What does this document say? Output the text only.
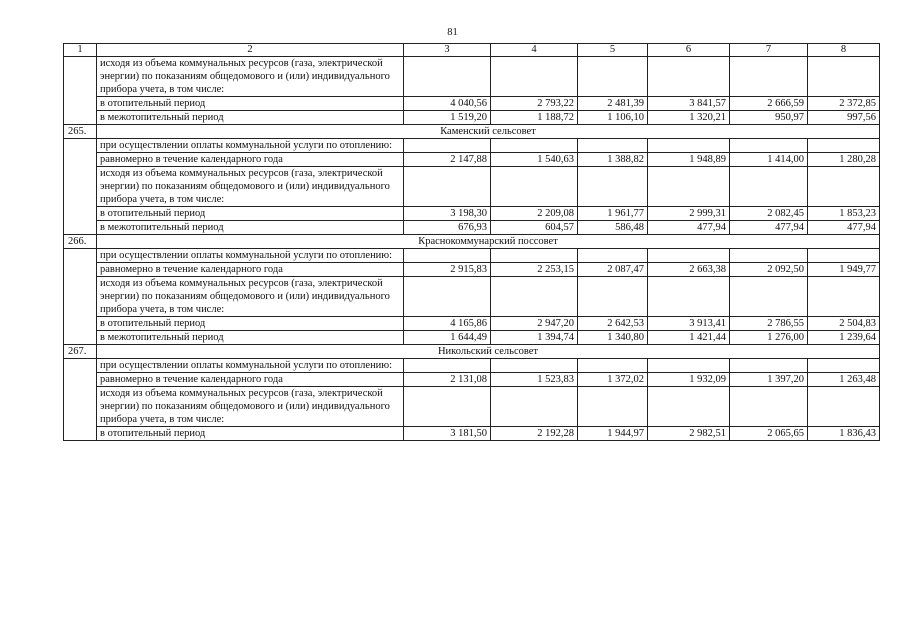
81
1	2	3	4	5	6	7	8
	исходя из объема коммунальных ресурсов (газа, электрической энергии) по показаниям общедомового и (или) индивидуального прибора учета, в том числе:						
	в отопительный период	4 040,56	2 793,22	2 481,39	3 841,57	2 666,59	2 372,85
	в межотопительный период	1 519,20	1 188,72	1 106,10	1 320,21	950,97	997,56
265.	Каменский сельсовет						
	при осуществлении оплаты коммунальной услуги по отоплению:						
	равномерно в течение календарного года	2 147,88	1 540,63	1 388,82	1 948,89	1 414,00	1 280,28
	исходя из объема коммунальных ресурсов (газа, электрической энергии) по показаниям общедомового и (или) индивидуального прибора учета, в том числе:						
	в отопительный период	3 198,30	2 209,08	1 961,77	2 999,31	2 082,45	1 853,23
	в межотопительный период	676,93	604,57	586,48	477,94	477,94	477,94
266.	Краснокоммунарский поссовет						
	при осуществлении оплаты коммунальной услуги по отоплению:						
	равномерно в течение календарного года	2 915,83	2 253,15	2 087,47	2 663,38	2 092,50	1 949,77
	исходя из объема коммунальных ресурсов (газа, электрической энергии) по показаниям общедомового и (или) индивидуального прибора учета, в том числе:						
	в отопительный период	4 165,86	2 947,20	2 642,53	3 913,41	2 786,55	2 504,83
	в межотопительный период	1 644,49	1 394,74	1 340,80	1 421,44	1 276,00	1 239,64
267.	Никольский сельсовет						
	при осуществлении оплаты коммунальной услуги по отоплению:						
	равномерно в течение календарного года	2 131,08	1 523,83	1 372,02	1 932,09	1 397,20	1 263,48
	исходя из объема коммунальных ресурсов (газа, электрической энергии) по показаниям общедомового и (или) индивидуального прибора учета, в том числе:						
	в отопительный период	3 181,50	2 192,28	1 944,97	2 982,51	2 065,65	1 836,43
